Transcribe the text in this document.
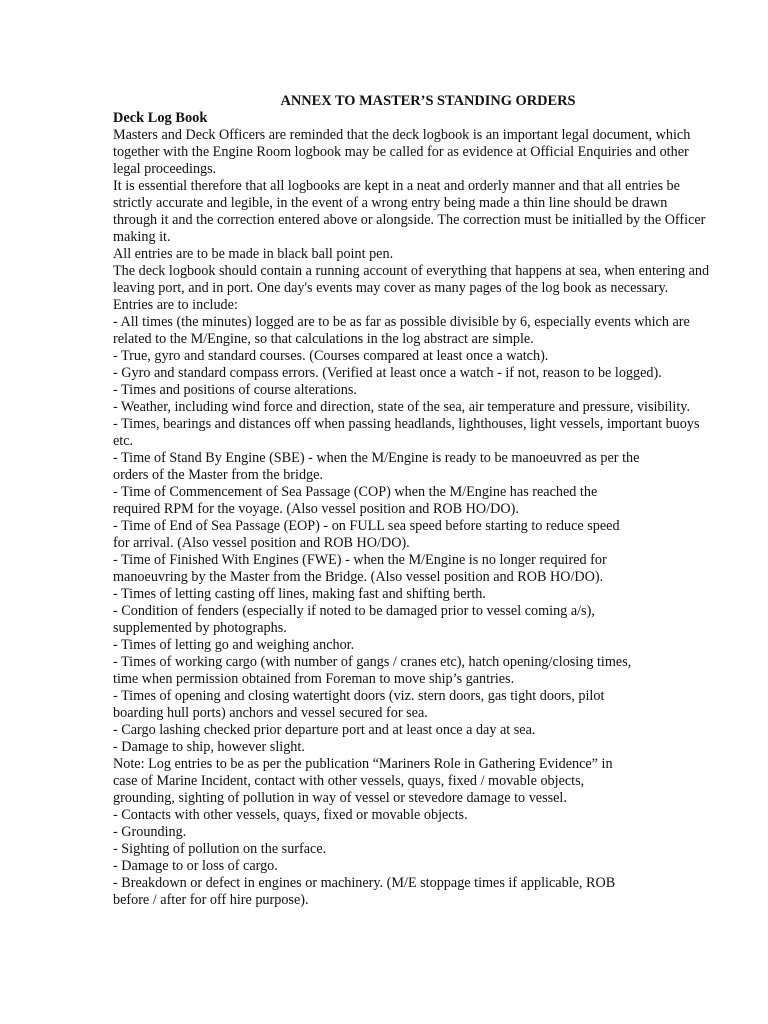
ANNEX TO MASTER’S STANDING ORDERS
Deck Log Book
Masters and Deck Officers are reminded that the deck logbook is an important legal document, which
together with the Engine Room logbook may be called for as evidence at Official Enquiries and other
legal proceedings.
It is essential therefore that all logbooks are kept in a neat and orderly manner and that all entries be
strictly accurate and legible, in the event of a wrong entry being made a thin line should be drawn
through it and the correction entered above or alongside. The correction must be initialled by the Officer
making it.
All entries are to be made in black ball point pen.
The deck logbook should contain a running account of everything that happens at sea, when entering and
leaving port, and in port. One day's events may cover as many pages of the log book as necessary.
Entries are to include:
- All times (the minutes) logged are to be as far as possible divisible by 6, especially events which are
related to the M/Engine, so that calculations in the log abstract are simple.
- True, gyro and standard courses. (Courses compared at least once a watch).
- Gyro and standard compass errors. (Verified at least once a watch - if not, reason to be logged).
- Times and positions of course alterations.
- Weather, including wind force and direction, state of the sea, air temperature and pressure, visibility.
- Times, bearings and distances off when passing headlands, lighthouses, light vessels, important buoys
etc.
- Time of Stand By Engine (SBE) - when the M/Engine is ready to be manoeuvred as per the
orders of the Master from the bridge.
- Time of Commencement of Sea Passage (COP) when the M/Engine has reached the
required RPM for the voyage. (Also vessel position and ROB HO/DO).
- Time of End of Sea Passage (EOP) - on FULL sea speed before starting to reduce speed
for arrival. (Also vessel position and ROB HO/DO).
- Time of Finished With Engines (FWE) - when the M/Engine is no longer required for
manoeuvring by the Master from the Bridge. (Also vessel position and ROB HO/DO).
- Times of letting casting off lines, making fast and shifting berth.
- Condition of fenders (especially if noted to be damaged prior to vessel coming a/s),
supplemented by photographs.
- Times of letting go and weighing anchor.
- Times of working cargo (with number of gangs / cranes etc), hatch opening/closing times,
time when permission obtained from Foreman to move ship’s gantries.
- Times of opening and closing watertight doors (viz. stern doors, gas tight doors, pilot
boarding hull ports) anchors and vessel secured for sea.
- Cargo lashing checked prior departure port and at least once a day at sea.
- Damage to ship, however slight.
Note: Log entries to be as per the publication “Mariners Role in Gathering Evidence” in
case of Marine Incident, contact with other vessels, quays, fixed / movable objects,
grounding, sighting of pollution in way of vessel or stevedore damage to vessel.
- Contacts with other vessels, quays, fixed or movable objects.
- Grounding.
- Sighting of pollution on the surface.
- Damage to or loss of cargo.
- Breakdown or defect in engines or machinery. (M/E stoppage times if applicable, ROB
before / after for off hire purpose).
